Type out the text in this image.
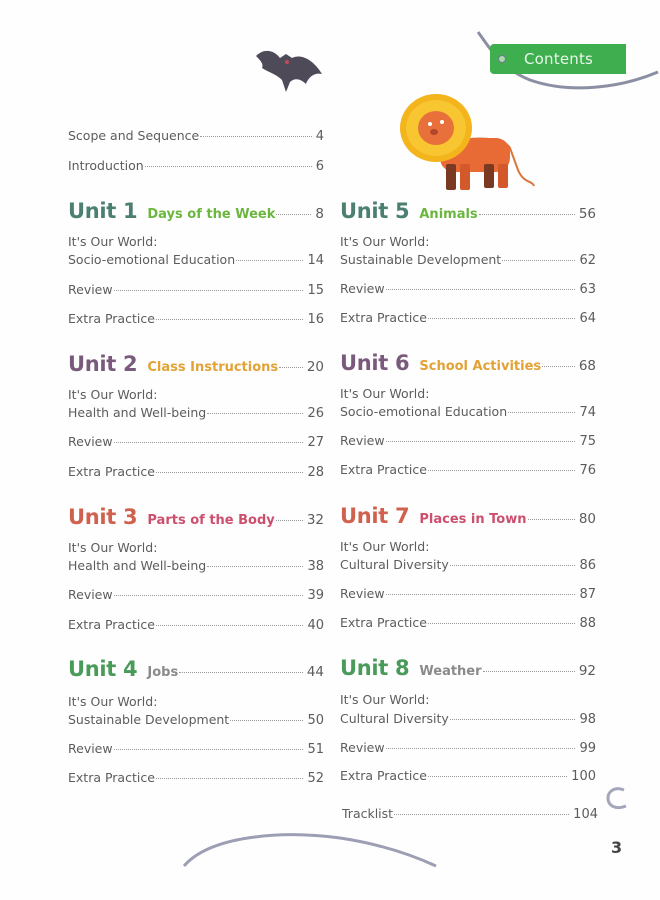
Contents
Scope and Sequence	4
Introduction	6
Unit 1 Days of the Week	8
It's Our World:
Socio-emotional Education	14
Review	15
Extra Practice	16
Unit 2 Class Instructions 20
It's Our World:
Health and Well-being	26
Review	27
Extra Practice	28
Unit 3 Parts of the Body 32
It's Our World:
Health and Well-being	38
Review	39
Extra Practice	40
Unit 4 Jobs	44
It's Our World:
Sustainable Development	50
Review	51
Extra Practice	52
Unit 5 Animals	56
It's Our World:
Sustainable Development	62
Review	63
Extra Practice	64
Unit 6 School Activities	68
It's Our World:
Socio-emotional Education	74
Review	75
Extra Practice	76
Unit 7 Places in Town	80
It's Our World:
Cultural Diversity	86
Review	87
Extra Practice	88
Unit 8 Weather	92
It's Our World:
Cultural Diversity	98
Review	99
Extra Practice	100
Tracklist	104
3
